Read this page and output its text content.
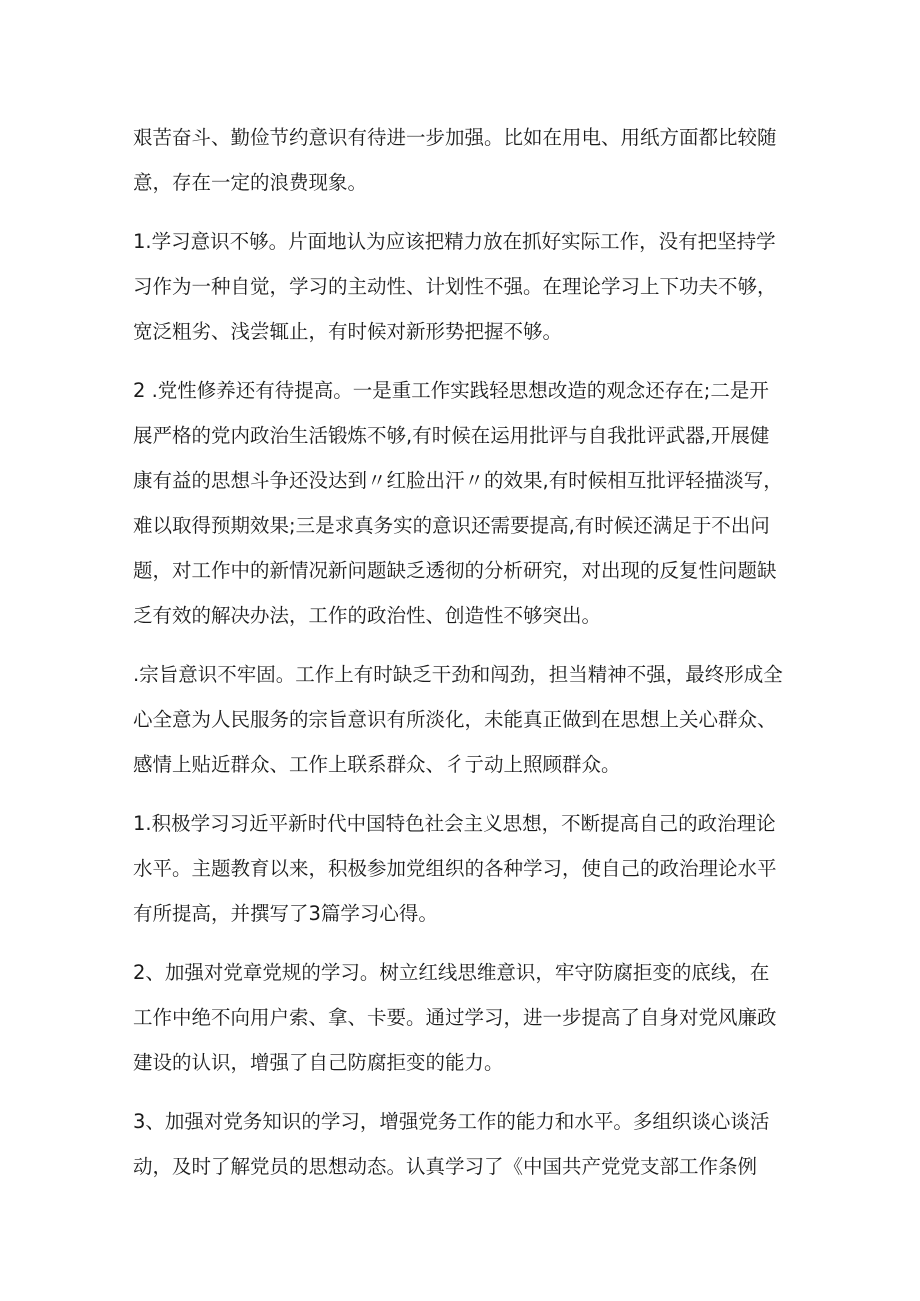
艰苦奋斗、勤俭节约意识有待进一步加强。比如在用电、用纸方面都比较随
意，存在一定的浪费现象。

1.学习意识不够。片面地认为应该把精力放在抓好实际工作，没有把坚持学
习作为一种自觉，学习的主动性、计划性不强。在理论学习上下功夫不够，
宽泛粗劣、浅尝辄止，有时候对新形势把握不够。

2 .党性修养还有待提高。一是重工作实践轻思想改造的观念还存在;二是开
展严格的党内政治生活锻炼不够,有时候在运用批评与自我批评武器,开展健
康有益的思想斗争还没达到〃红脸出汗〃的效果,有时候相互批评轻描淡写，
难以取得预期效果;三是求真务实的意识还需要提高,有时候还满足于不出问
题，对工作中的新情况新问题缺乏透彻的分析研究，对出现的反复性问题缺
乏有效的解决办法，工作的政治性、创造性不够突出。

.宗旨意识不牢固。工作上有时缺乏干劲和闯劲，担当精神不强，最终形成全
心全意为人民服务的宗旨意识有所淡化，未能真正做到在思想上关心群众、
感情上贴近群众、工作上联系群众、彳亍动上照顾群众。

1.积极学习习近平新时代中国特色社会主义思想，不断提高自己的政治理论
水平。主题教育以来，积极参加党组织的各种学习，使自己的政治理论水平
有所提高，并撰写了3篇学习心得。

2、加强对党章党规的学习。树立红线思维意识，牢守防腐拒变的底线，在
工作中绝不向用户索、拿、卡要。通过学习，进一步提高了自身对党风廉政
建设的认识，增强了自己防腐拒变的能力。

3、加强对党务知识的学习，增强党务工作的能力和水平。多组织谈心谈活
动，及时了解党员的思想动态。认真学习了《中国共产党党支部工作条例
